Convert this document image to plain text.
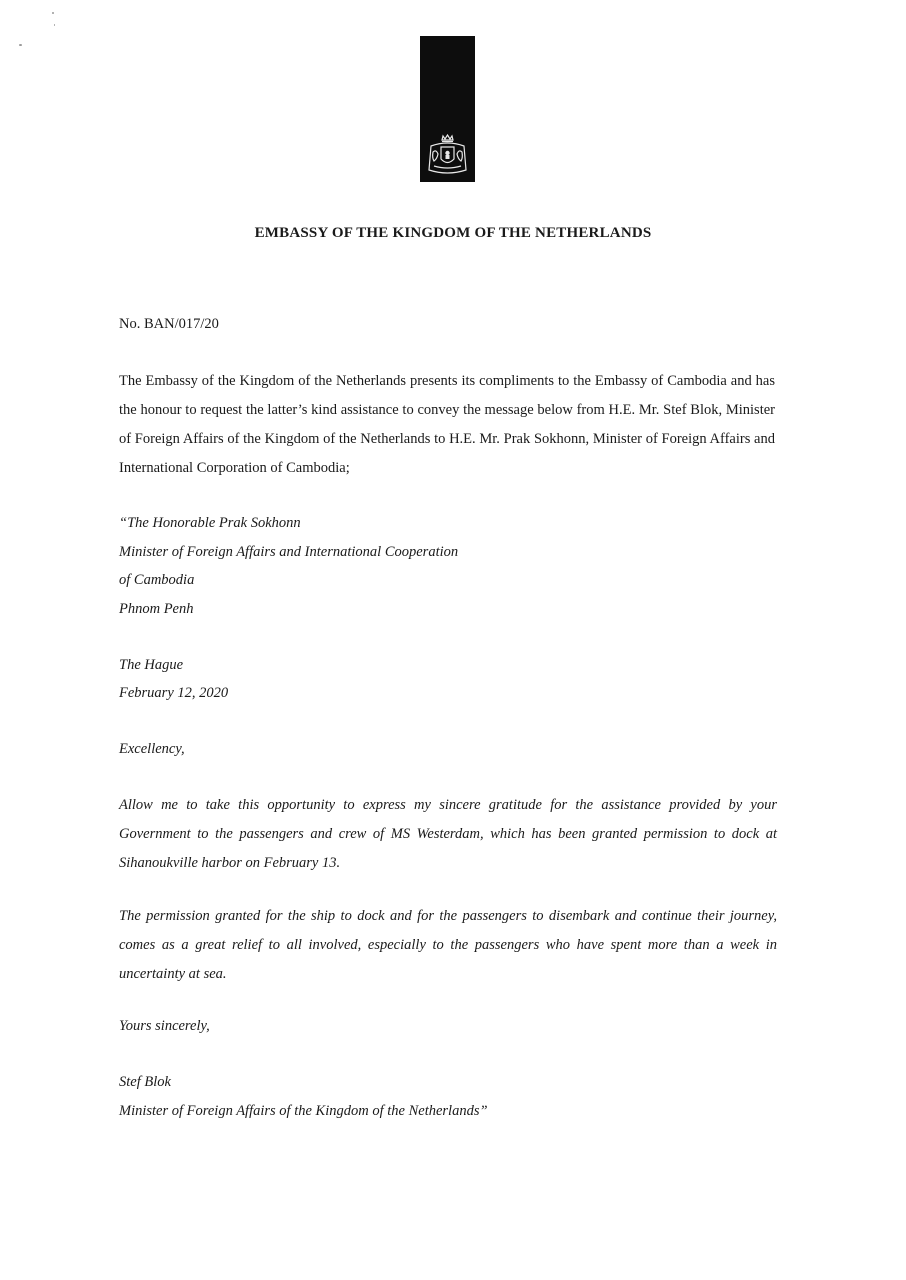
EMBASSY OF THE KINGDOM OF THE NETHERLANDS
No. BAN/017/20
The Embassy of the Kingdom of the Netherlands presents its compliments to the Embassy of Cambodia and has the honour to request the latter’s kind assistance to convey the message below from H.E. Mr. Stef Blok, Minister of Foreign Affairs of the Kingdom of the Netherlands to H.E. Mr. Prak Sokhonn, Minister of Foreign Affairs and International Corporation of Cambodia;
“The Honorable Prak Sokhonn
Minister of Foreign Affairs and International Cooperation
of Cambodia
Phnom Penh
The Hague
February 12, 2020
Excellency,
Allow me to take this opportunity to express my sincere gratitude for the assistance provided by your Government to the passengers and crew of MS Westerdam, which has been granted permission to dock at Sihanoukville harbor on February 13.
The permission granted for the ship to dock and for the passengers to disembark and continue their journey, comes as a great relief to all involved, especially to the passengers who have spent more than a week in uncertainty at sea.
Yours sincerely,
Stef Blok
Minister of Foreign Affairs of the Kingdom of the Netherlands”
